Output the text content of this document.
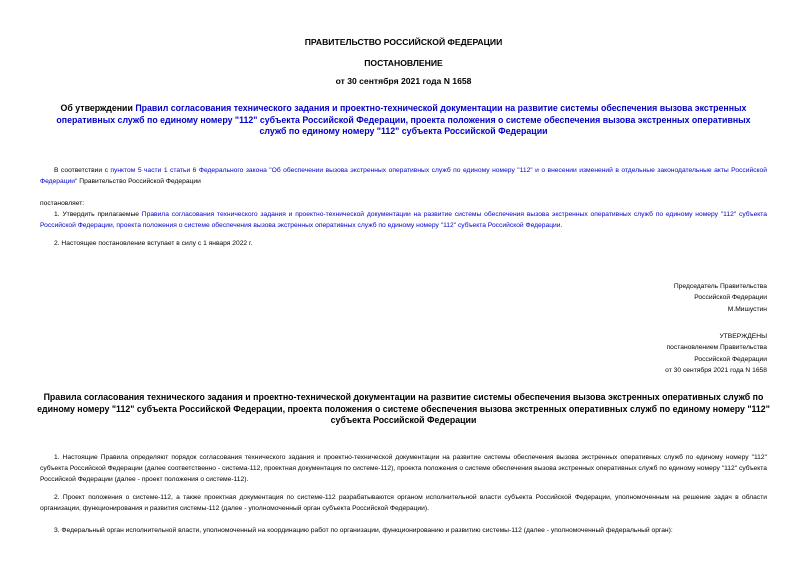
ПРАВИТЕЛЬСТВО РОССИЙСКОЙ ФЕДЕРАЦИИ
ПОСТАНОВЛЕНИЕ
от 30 сентября 2021 года N 1658
Об утверждении Правил согласования технического задания и проектно-технической документации на развитие системы обеспечения вызова экстренных оперативных служб по единому номеру "112" субъекта Российской Федерации, проекта положения о системе обеспечения вызова экстренных оперативных служб по единому номеру "112" субъекта Российской Федерации
В соответствии с пунктом 5 части 1 статьи 6 Федерального закона "Об обеспечении вызова экстренных оперативных служб по единому номеру "112" и о внесении изменений в отдельные законодательные акты Российской Федерации" Правительство Российской Федерации
постановляет:
1. Утвердить прилагаемые Правила согласования технического задания и проектно-технической документации на развитие системы обеспечения вызова экстренных оперативных служб по единому номеру "112" субъекта Российской Федерации, проекта положения о системе обеспечения вызова экстренных оперативных служб по единому номеру "112" субъекта Российской Федерации.
2. Настоящее постановление вступает в силу с 1 января 2022 г.
Председатель Правительства
Российской Федерации
М.Мишустин
УТВЕРЖДЕНЫ
постановлением Правительства
Российской Федерации
от 30 сентября 2021 года N 1658
Правила согласования технического задания и проектно-технической документации на развитие системы обеспечения вызова экстренных оперативных служб по единому номеру "112" субъекта Российской Федерации, проекта положения о системе обеспечения вызова экстренных оперативных служб по единому номеру "112" субъекта Российской Федерации
1. Настоящие Правила определяют порядок согласования технического задания и проектно-технической документации на развитие системы обеспечения вызова экстренных оперативных служб по единому номеру "112" субъекта Российской Федерации (далее соответственно - система-112, проектная документация по системе-112), проекта положения о системе обеспечения вызова экстренных оперативных служб по единому номеру "112" субъекта Российской Федерации (далее - проект положения о системе-112).
2. Проект положения о системе-112, а также проектная документация по системе-112 разрабатываются органом исполнительной власти субъекта Российской Федерации, уполномоченным на решение задач в области организации, функционирования и развития системы-112 (далее - уполномоченный орган субъекта Российской Федерации).
3. Федеральный орган исполнительной власти, уполномоченный на координацию работ по организации, функционированию и развитию системы-112 (далее - уполномоченный федеральный орган):
